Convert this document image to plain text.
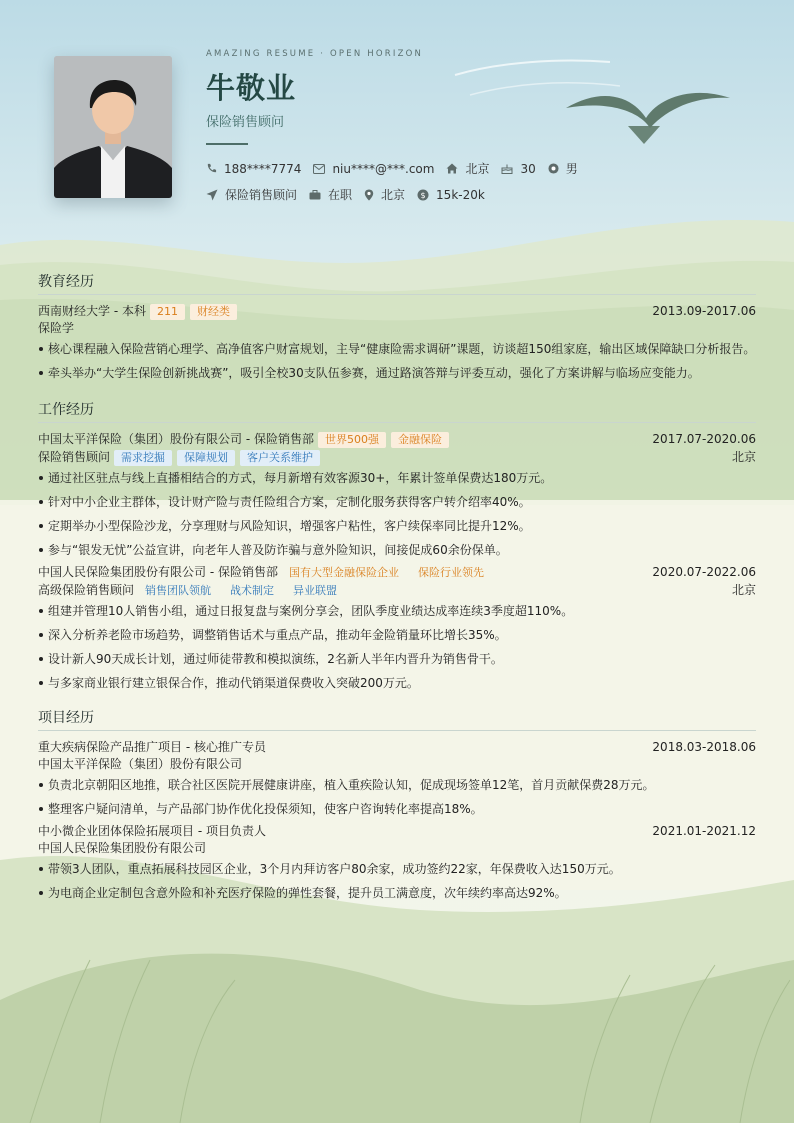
AMAZING RESUME · OPEN HORIZON
牛敬业
保险销售顾问
188****7774	niu****@***.com	北京	30	男
保险销售顾问	在职 北京 $ 15k-20k
教育经历
西南财经大学 - 本科	211	财经类	2013.09-2017.06
保险学
核心课程融入保险营销心理学、高净值客户财富规划，主导“健康险需求调研”课题，访谈超150组家庭，输出区域保障缺口分析报告。
牵头举办“大学生保险创新挑战赛”，吸引全校30支队伍参赛，通过路演答辩与评委互动，强化了方案讲解与临场应变能力。
工作经历
中国太平洋保险（集团）股份有限公司 - 保险销售部	世界500强	金融保险	2017.07-2020.06
保险销售顾问	需求挖掘	保障规划	客户关系维护	北京
通过社区驻点与线上直播相结合的方式，每月新增有效客源30+，年累计签单保费达180万元。
针对中小企业主群体，设计财产险与责任险组合方案，定制化服务获得客户转介绍率40%。
定期举办小型保险沙龙，分享理财与风险知识，增强客户粘性，客户续保率同比提升12%。
参与“银发无忧”公益宣讲，向老年人普及防诈骗与意外险知识，间接促成60余份保单。
中国人民保险集团股份有限公司 - 保险销售部	国有大型金融保险企业	保险行业领先	2020.07-2022.06
高级保险销售顾问	销售团队领航	战术制定	异业联盟	北京
组建并管理10人销售小组，通过日报复盘与案例分享会，团队季度业绩达成率连续3季度超110%。
深入分析养老险市场趋势，调整销售话术与重点产品，推动年金险销量环比增长35%。
设计新人90天成长计划，通过师徒带教和模拟演练，2名新人半年内晋升为销售骨干。
与多家商业银行建立银保合作，推动代销渠道保费收入突破200万元。
项目经历
重大疾病保险产品推广项目 - 核心推广专员	2018.03-2018.06
中国太平洋保险（集团）股份有限公司
负责北京朝阳区地推，联合社区医院开展健康讲座，植入重疾险认知，促成现场签单12笔，首月贡献保费28万元。
整理客户疑问清单，与产品部门协作优化投保须知，使客户咨询转化率提高18%。
中小微企业团体保险拓展项目 - 项目负责人	2021.01-2021.12
中国人民保险集团股份有限公司
带领3人团队，重点拓展科技园区企业，3个月内拜访客户80余家，成功签约22家，年保费收入达150万元。
为电商企业定制包含意外险和补充医疗保险的弹性套餐，提升员工满意度，次年续约率高达92%。
